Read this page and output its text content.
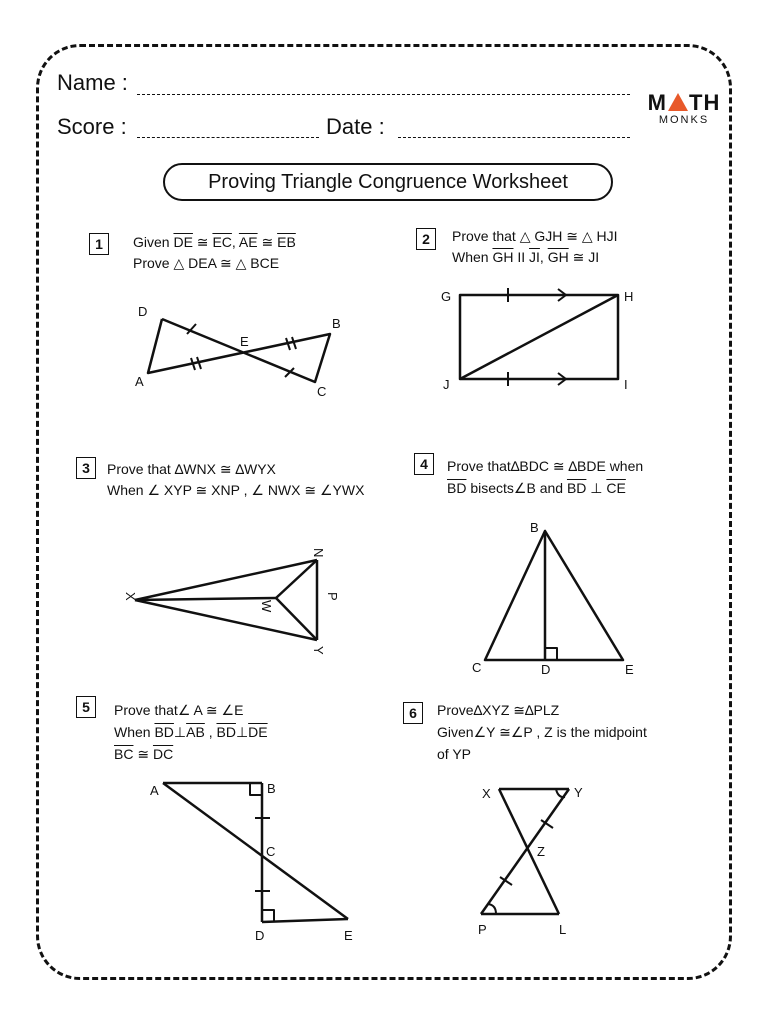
Name :
Score :	Date :
M TH
MONKS
Proving Triangle Congruence Worksheet
1	Given $\overline{DE}$ ≅ $\overline{EC}$, $\overline{AE}$ ≅ $\overline{EB}$
Prove △ DEA ≅ △ BCE
2	Prove that △ GJH ≅ △ HJI
When $\overline{GH}$ II $\overline{JI}$, $\overline{GH}$ ≅ JI
3	Prove that ∆WNX ≅ ∆WYX
When ∠ XYP ≅ XNP , ∠ NWX ≅ ∠YWX
4	Prove that∆BDC ≅ ∆BDE when
$\overline{BD}$ bisects∠B and $\overline{BD}$ ⊥ $\overline{CE}$
5	Prove that∠ A ≅ ∠E
When $\overline{BD}\perp\overline{AB}$ , $\overline{BD}\perp\overline{DE}$
$\overline{BC}$ ≅ $\overline{DC}$
6	Prove∆XYZ ≅∆PLZ
Given∠Y ≅∠P , Z is the midpoint
of YP
D
E
B
A
C
G	H
J	I
X
N
W
P
Y
B
C	D	E
A	B
C
D	E
X	Y
Z
P	L
